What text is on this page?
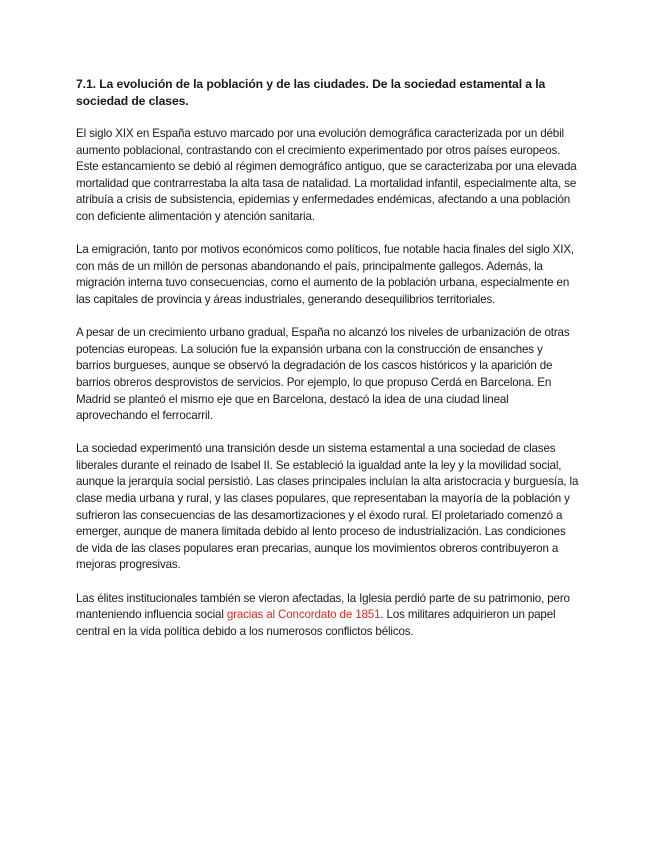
7.1. La evolución de la población y de las ciudades. De la sociedad estamental a la sociedad de clases.

El siglo XIX en España estuvo marcado por una evolución demográfica caracterizada por un débil aumento poblacional, contrastando con el crecimiento experimentado por otros países europeos. Este estancamiento se debió al régimen demográfico antiguo, que se caracterizaba por una elevada mortalidad que contrarrestaba la alta tasa de natalidad. La mortalidad infantil, especialmente alta, se atribuía a crisis de subsistencia, epidemias y enfermedades endémicas, afectando a una población con deficiente alimentación y atención sanitaria.

La emigración, tanto por motivos económicos como políticos, fue notable hacia finales del siglo XIX, con más de un millón de personas abandonando el país, principalmente gallegos. Además, la migración interna tuvo consecuencias, como el aumento de la población urbana, especialmente en las capitales de provincia y áreas industriales, generando desequilibrios territoriales.

A pesar de un crecimiento urbano gradual, España no alcanzó los niveles de urbanización de otras potencias europeas. La solución fue la expansión urbana con la construcción de ensanches y barrios burgueses, aunque se observó la degradación de los cascos históricos y la aparición de barrios obreros desprovistos de servicios. Por ejemplo, lo que propuso Cerdá en Barcelona. En Madrid se planteó el mismo eje que en Barcelona, destacó la idea de una ciudad lineal aprovechando el ferrocarril.

La sociedad experimentó una transición desde un sistema estamental a una sociedad de clases liberales durante el reinado de Isabel II. Se estableció la igualdad ante la ley y la movilidad social, aunque la jerarquía social persistió. Las clases principales incluían la alta aristocracia y burguesía, la clase media urbana y rural, y las clases populares, que representaban la mayoría de la población y sufrieron las consecuencias de las desamortizaciones y el éxodo rural. El proletariado comenzó a emerger, aunque de manera limitada debido al lento proceso de industrialización. Las condiciones de vida de las clases populares eran precarias, aunque los movimientos obreros contribuyeron a mejoras progresivas.

Las élites institucionales también se vieron afectadas, la Iglesia perdió parte de su patrimonio, pero manteniendo influencia social gracias al Concordato de 1851. Los militares adquirieron un papel central en la vida política debido a los numerosos conflictos bélicos.
